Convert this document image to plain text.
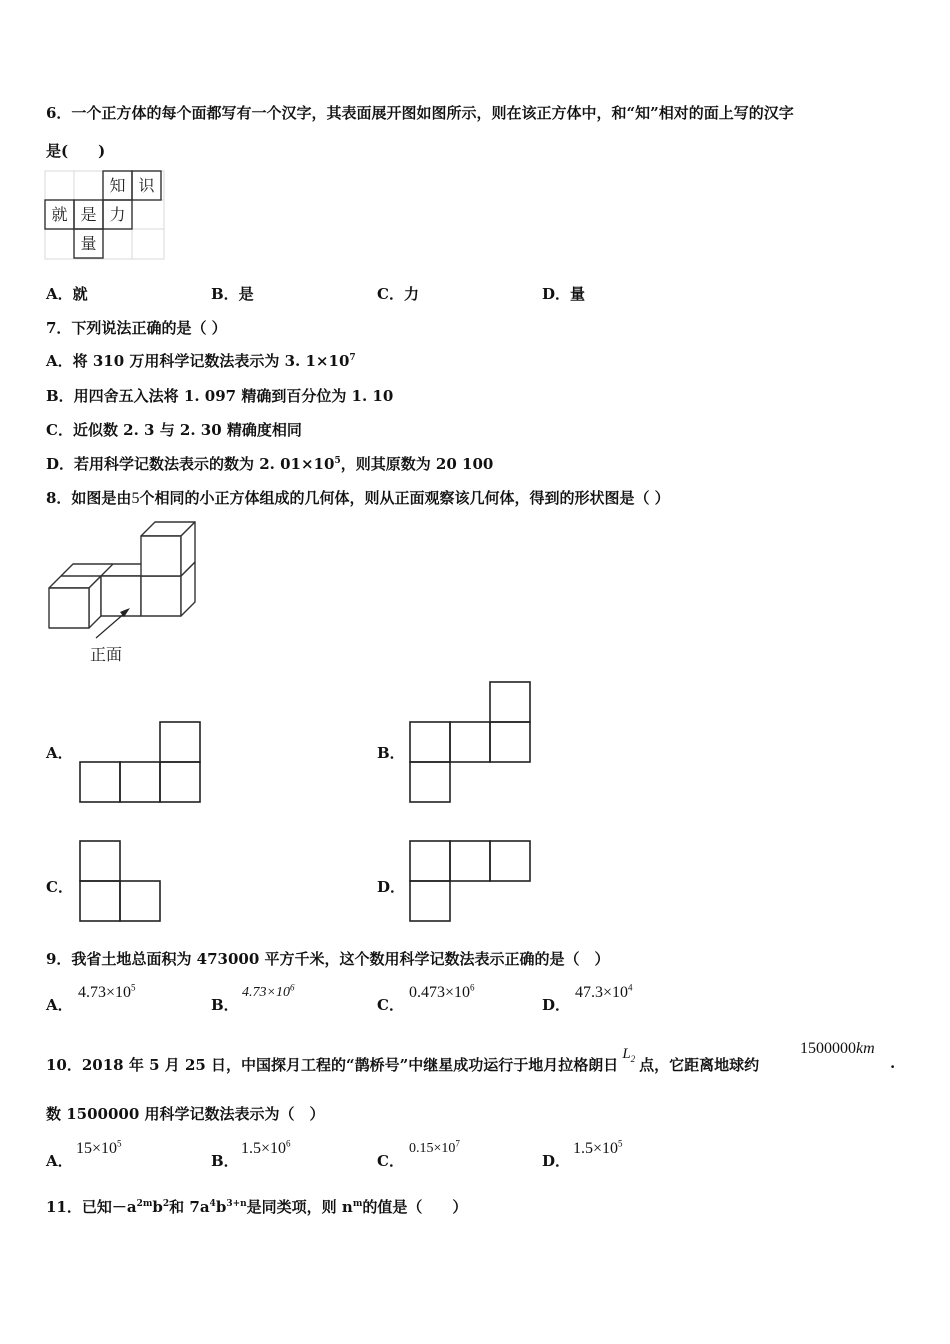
6．一个正方体的每个面都写有一个汉字，其表面展开图如图所示，则在该正方体中，和“知”相对的面上写的汉字
是(　　)
知 识
就 是 力
量
A．就	B．是	C．力	D．量
7．下列说法正确的是（ ）
A．将 310 万用科学记数法表示为 3. $1\times 10^7$
B．用四舍五入法将 1. 097 精确到百分位为 1. 10
C．近似数 2. 3 与 2. 30 精确度相同
D．若用科学记数法表示的数为 2. $01\times 10^5$，则其原数为 20 100
8．如图是由5个相同的小正方体组成的几何体，则从正面观察该几何体，得到的形状图是（ ）
正面
A．	B．
C．	D．
9．我省土地总面积为 473000 平方千米，这个数用科学记数法表示正确的是（　）
A．
$4.73\times 10^5$
B．
$4.73\times 10^6$
C．
$0.473\times 10^6$
D．
$47.3\times 10^4$
10．2018 年 5 月 25 日，中国探月工程的“鹊桥号”中继星成功运行于地月拉格朗日$L_2$ 点，它距离地球约
1500000km
.
数 1500000 用科学记数法表示为（　）
A．
$15\times 10^5$
B．
$1.5\times 10^6$
C．
$0.15\times 10^7$
D．
$1.5\times 10^5$
11．已知$-a^{2m}b^2$和 $7a^4b^{3+n}$是同类项，则 $n^m$的值是（　　）
